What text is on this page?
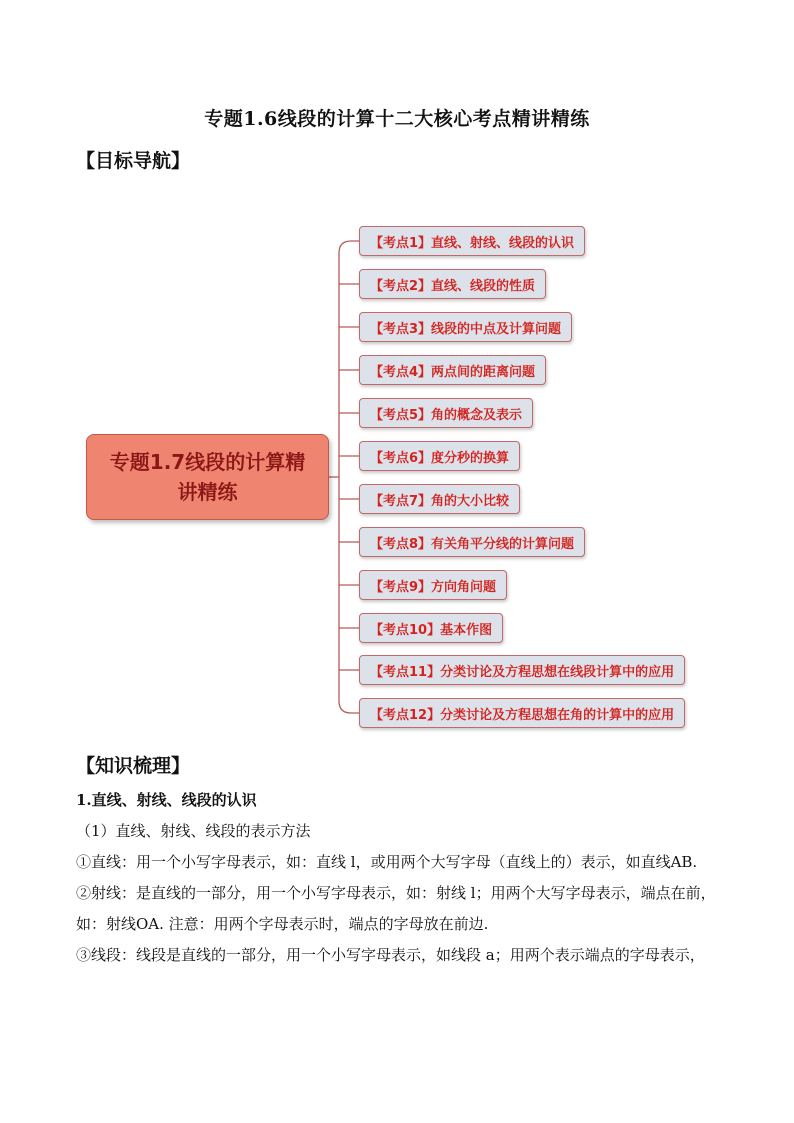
专题1.6线段的计算十二大核心考点精讲精练
【目标导航】
专题1.7线段的计算精讲精练
【考点1】直线、射线、线段的认识
【考点2】直线、线段的性质
【考点3】线段的中点及计算问题
【考点4】两点间的距离问题
【考点5】角的概念及表示
【考点6】度分秒的换算
【考点7】角的大小比较
【考点8】有关角平分线的计算问题
【考点9】方向角问题
【考点10】基本作图
【考点11】分类讨论及方程思想在线段计算中的应用
【考点12】分类讨论及方程思想在角的计算中的应用
【知识梳理】
1.直线、射线、线段的认识
（1）直线、射线、线段的表示方法
①直线：用一个小写字母表示，如：直线 l，或用两个大写字母（直线上的）表示，如直线AB.
②射线：是直线的一部分，用一个小写字母表示，如：射线 l；用两个大写字母表示，端点在前，如：射线OA. 注意：用两个字母表示时，端点的字母放在前边.
③线段：线段是直线的一部分，用一个小写字母表示，如线段 a；用两个表示端点的字母表示，
